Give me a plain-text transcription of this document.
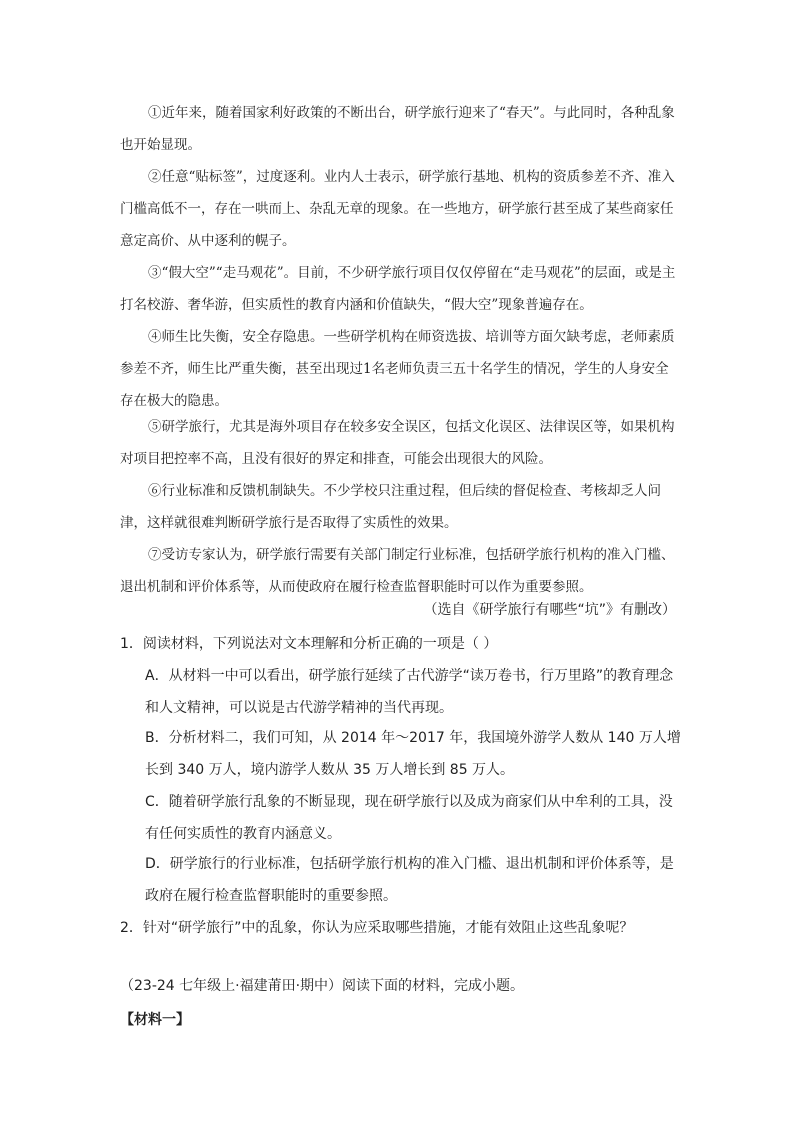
①近年来，随着国家利好政策的不断出台，研学旅行迎来了“春天”。与此同时，各种乱象也开始显现。
②任意“贴标签”，过度逐利。业内人士表示，研学旅行基地、机构的资质参差不齐、准入门槛高低不一，存在一哄而上、杂乱无章的现象。在一些地方，研学旅行甚至成了某些商家任意定高价、从中逐利的幌子。
③“假大空”“走马观花”。目前，不少研学旅行项目仅仅停留在“走马观花”的层面，或是主打名校游、奢华游，但实质性的教育内涵和价值缺失，“假大空”现象普遍存在。
④师生比失衡，安全存隐患。一些研学机构在师资选拔、培训等方面欠缺考虑，老师素质参差不齐，师生比严重失衡，甚至出现过1名老师负责三五十名学生的情况，学生的人身安全存在极大的隐患。
⑤研学旅行，尤其是海外项目存在较多安全误区，包括文化误区、法律误区等，如果机构对项目把控率不高，且没有很好的界定和排查，可能会出现很大的风险。
⑥行业标准和反馈机制缺失。不少学校只注重过程，但后续的督促检查、考核却乏人问津，这样就很难判断研学旅行是否取得了实质性的效果。
⑦受访专家认为，研学旅行需要有关部门制定行业标准，包括研学旅行机构的准入门槛、退出机制和评价体系等，从而使政府在履行检查监督职能时可以作为重要参照。
（选自《研学旅行有哪些“坑”》有删改）
1．阅读材料，下列说法对文本理解和分析正确的一项是（ ）
A．从材料一中可以看出，研学旅行延续了古代游学“读万卷书，行万里路”的教育理念和人文精神，可以说是古代游学精神的当代再现。
B．分析材料二，我们可知，从 2014 年～2017 年，我国境外游学人数从 140 万人增长到 340 万人，境内游学人数从 35 万人增长到 85 万人。
C．随着研学旅行乱象的不断显现，现在研学旅行以及成为商家们从中牟利的工具，没有任何实质性的教育内涵意义。
D．研学旅行的行业标准，包括研学旅行机构的准入门槛、退出机制和评价体系等，是政府在履行检查监督职能时的重要参照。
2．针对“研学旅行”中的乱象，你认为应采取哪些措施，才能有效阻止这些乱象呢？
（23-24 七年级上·福建莆田·期中）阅读下面的材料，完成小题。
【材料一】
